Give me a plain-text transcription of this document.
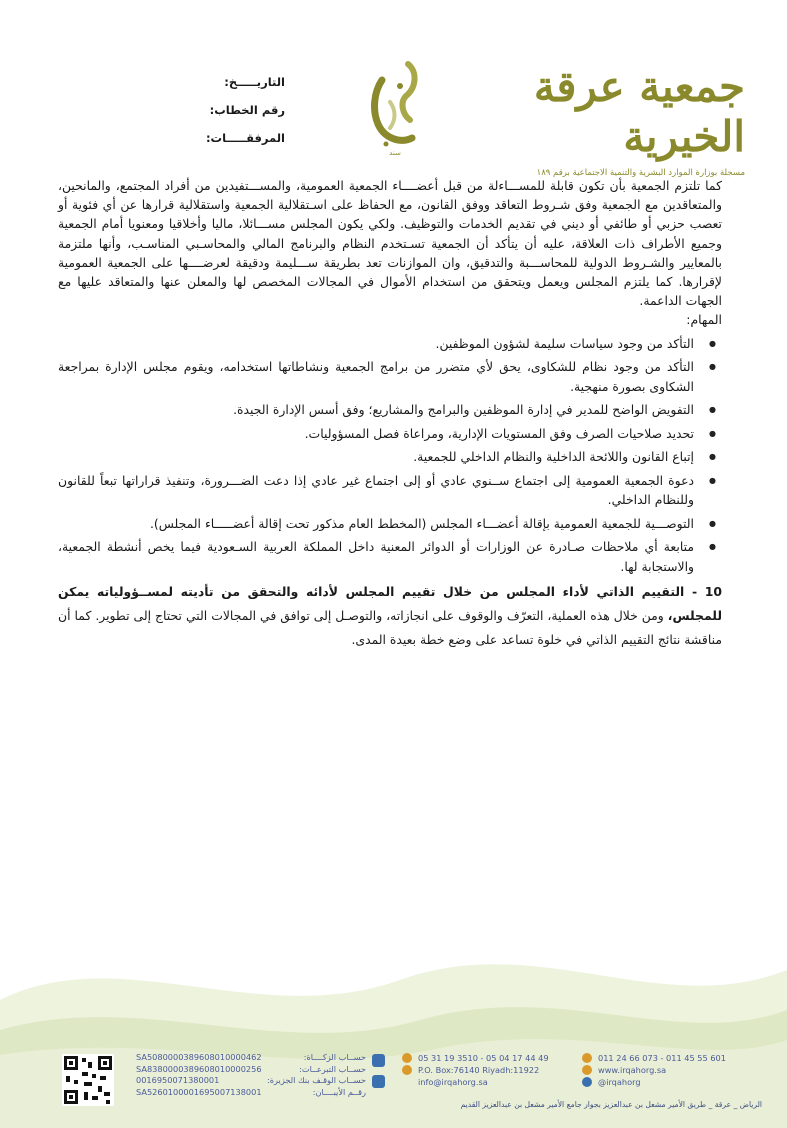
جمعية عرقة الخيرية
مسجلة بوزارة الموارد البشرية والتنمية الاجتماعية برقم ١٨٩
سند
التاريـــــخ:
رقم الخطاب:
المرفقـــــات:

كما تلتزم الجمعية بأن تكون قابلة للمســـاءلة من قبل أعضــــاء الجمعية العمومية، والمســـتفيدين من أفراد المجتمع، والمانحين، والمتعاقدين مع الجمعية وفق شـروط التعاقد ووفق القانون، مع الحفاظ على اسـتقلالية الجمعية واستقلالية قرارها عن أي فئوية أو تعصب حزبي أو طائفي أو ديني في تقديم الخدمات والتوظيف. ولكي يكون المجلس مســـائلا، ماليا وأخلاقيا ومعنويا أمام الجمعية وجميع الأطراف ذات العلاقة، عليه أن يتأكد أن الجمعية تسـتخدم النظام والبرنامج المالي والمحاسـبي المناسـب، وأنها ملتزمة بالمعايير والشـروط الدولية للمحاســـبة والتدقيق، وان الموازنات تعد بطريقة ســـليمة ودقيقة لعرضــــها على الجمعية العمومية لإقرارها. كما يلتزم المجلس ويعمل ويتحقق من استخدام الأموال في المجالات المخصص لها والمعلن عنها والمتعاقد عليها مع الجهات الداعمة.

المهام:

● التأكد من وجود سياسات سليمة لشؤون الموظفين.
● التأكد من وجود نظام للشكاوى، يحق لأي متضرر من برامج الجمعية ونشاطاتها استخدامه، ويقوم مجلس الإدارة بمراجعة الشكاوى بصورة منهجية.
● التفويض الواضح للمدير في إدارة الموظفين والبرامج والمشاريع؛ وفق أسس الإدارة الجيدة.
● تحديد صلاحيات الصرف وفق المستويات الإدارية، ومراعاة فصل المسؤوليات.
● إتباع القانون واللائحة الداخلية والنظام الداخلي للجمعية.
● دعوة الجمعية العمومية إلى اجتماع ســنوي عادي أو إلى اجتماع غير عادي إذا دعت الضـــرورة، وتنفيذ قراراتها تبعاً للقانون وللنظام الداخلي.
● التوصـــية للجمعية العمومية بإقالة أعضـــاء المجلس (المخطط العام مذكور تحت إقالة أعضـــــاء المجلس).
● متابعة أي ملاحظات صـادرة عن الوزارات أو الدوائر المعنية داخل المملكة العربية السـعودية فيما يخص أنشطة الجمعية، والاستجابة لها.

10 - التقييم الذاتي لأداء المجلس من خلال تقييم المجلس لأدائه والتحقق من تأديته لمســؤولياته يمكن للمجلس، ومن خلال هذه العملية، التعرّف والوقوف على انجازاته، والتوصـل إلى توافق في المجالات التي تحتاج إلى تطوير. كما أن مناقشة نتائج التقييم الذاتي في خلوة تساعد على وضع خطة بعيدة المدى.

SA5080000389608010000462	حســاب الزكــــاة:
SA8380000389608010000256	حســاب التبرعــات:
0016950071380001	حســاب الوقـف بنك الجزيرة:
SA5260100001695007138001	رقــم الأيبــــان:
05 31 19 3510 - 05 04 17 44 49	011 24 66 073 - 011 45 55 601
P.O. Box:76140 Riyadh:11922	www.irqahorg.sa
info@irqahorg.sa	@irqahorg
الرياض _ عرقة _ طريق الأمير مشعل بن عبدالعزيز بجوار جامع الأمير مشعل بن عبدالعزيز القديم
